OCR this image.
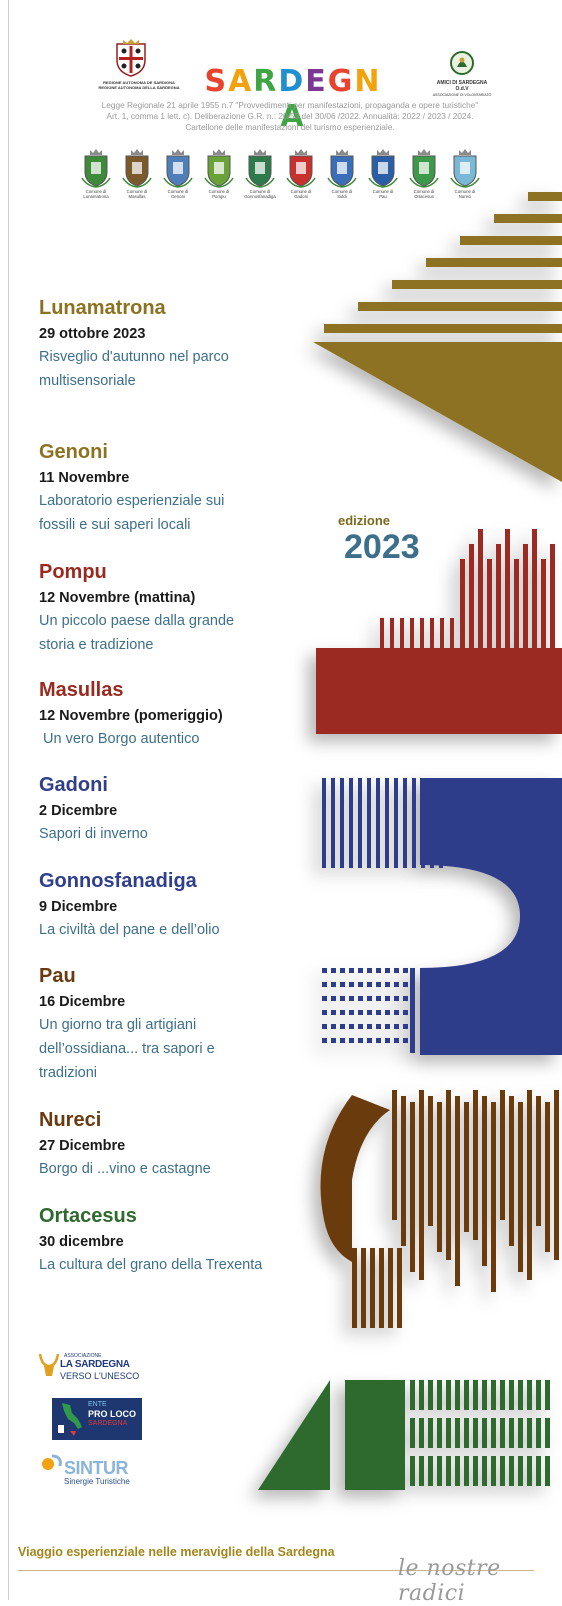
REGIONE AUTONOMA DE SARDIGNA
REGIONE AUTONOMA DELLA SARDEGNA SARDEGNA
AMICI DI SARDEGNA O.d.V
ASSOCIAZIONE DI VOLONTARIATO
Legge Regionale 21 aprile 1955 n.7 "Provvedimenti per manifestazioni, propaganda e opere turistiche"
Art. 1, comma 1 lett. c). Deliberazione G.R. n.: 20/53 del 30/06 /2022. Annualità: 2022 / 2023 / 2024.
Cartellone delle manifestazioni del turismo esperienziale.
Comune di
Lunamatrona
Comune di
Masullas
Comune di
Genoni
Comune di
Pompu
Comune di
Gonnosfanadiga
Comune di
Gadoni
Comune di
Siddi
Comune di
Pau
Comune di
Ortacesus
Comune di
Nureci
Lunamatrona
29 ottobre 2023
Risveglio d'autunno nel parco
multisensoriale
Genoni
11 Novembre
Laboratorio esperienziale sui
fossili e sui saperi locali
Pompu
12 Novembre (mattina)
Un piccolo paese dalla grande
storia e tradizione
Masullas
12 Novembre (pomeriggio)
Un vero Borgo autentico
Gadoni
2 Dicembre
Sapori di inverno
Gonnosfanadiga
9 Dicembre
La civiltà del pane e dell’olio
Pau
16 Dicembre
Un giorno tra gli artigiani
dell’ossidiana... tra sapori e
tradizioni
Nureci
27 Dicembre
Borgo di ...vino e castagne
Ortacesus
30 dicembre
La cultura del grano della Trexenta
edizione
2023
ASSOCIAZIONE
LA SARDEGNA
VERSO L'UNESCO
ENTE
PRO LOCO
SARDEGNA
SINTUR
Sinergie Turistiche
Viaggio esperienziale nelle meraviglie della Sardegna
le nostre radici
